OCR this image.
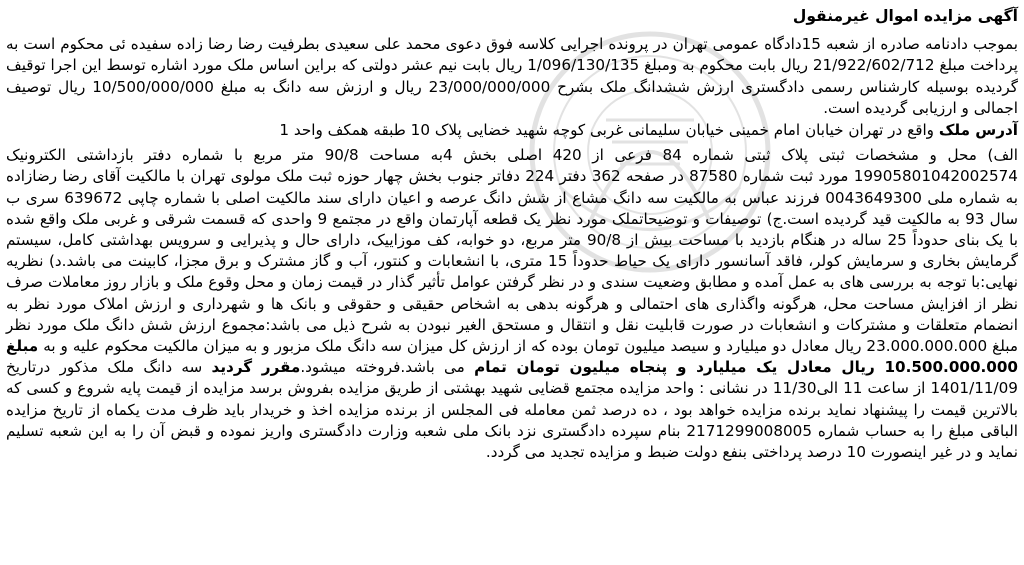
آگهی مزایده اموال غیرمنقول

بموجب دادنامه صادره از شعبه 15دادگاه عمومی تهران در پرونده اجرایی کلاسه فوق دعوی محمد علی سعیدی بطرفیت رضا رضا زاده سفیده ئی محکوم است به پرداخت مبلغ 21/922/602/712 ریال بابت محکوم به ومبلغ 1/096/130/135 ریال بابت نیم عشر دولتی که براین اساس ملک مورد اشاره توسط این اجرا توقیف گردیده بوسیله کارشناس رسمی دادگستری ارزش ششدانگ ملک بشرح 23/000/000/000 ریال و ارزش سه دانگ به مبلغ 10/500/000/000 ریال توصیف اجمالی و ارزیابی گردیده است.

آدرس ملک واقع در تهران خیابان امام خمینی خیابان سلیمانی غربی کوچه شهید خضایی پلاک 10 طبقه همکف واحد 1

الف) محل و مشخصات ثبتی پلاک ثبتی شماره 84 فرعی از 420 اصلی بخش 4به مساحت 90/8 متر مربع با شماره دفتر بازداشتی الکترونیک 19905801042002574 مورد ثبت شماره 87580 در صفحه 362 دفتر 224 دفاتر جنوب بخش چهار حوزه ثبت ملک مولوی تهران با مالکیت آقای رضا رضازاده به شماره ملی 0043649300 فرزند عباس به مالکیت سه دانگ مشاع از شش دانگ عرصه و اعیان دارای سند مالکیت اصلی با شماره چاپی 639672 سری ب سال 93 به مالکیت قید گردیده است.ج) توصیفات و توضیحاتملک مورد نظر یک قطعه آپارتمان واقع در مجتمع 9 واحدی که قسمت شرقی و غربی ملک واقع شده با یک بنای حدوداً 25 ساله در هنگام بازدید با مساحت بیش از 90/8 متر مربع، دو خوابه، کف موزاییک، دارای حال و پذیرایی و سرویس بهداشتی کامل، سیستم گرمایش بخاری و سرمایش کولر، فاقد آسانسور دارای یک حیاط حدوداً 15 متری، با انشعابات و کنتور، آب و گاز مشترک و برق مجزا، کابینت می باشد.د) نظریه نهایی:با توجه به بررسی های به عمل آمده و مطابق وضعیت سندی و در نظر گرفتن عوامل تأثیر گذار در قیمت زمان و محل وقوع ملک و بازار روز معاملات صرف نظر از افزایش مساحت محل، هرگونه واگذاری های احتمالی و هرگونه بدهی به اشخاص حقیقی و حقوقی و بانک ها و شهرداری و ارزش املاک مورد نظر به انضمام متعلقات و مشترکات و انشعابات در صورت قابلیت نقل و انتقال و مستحق الغیر نبودن به شرح ذیل می باشد:مجموع ارزش شش دانگ ملک مورد نظر مبلغ 23.000.000.000 ریال معادل دو میلیارد و سیصد میلیون تومان بوده که از ارزش کل میزان سه دانگ ملک مزبور و به میزان مالکیت محکوم علیه و به مبلغ 10.500.000.000 ریال معادل یک میلیارد و پنجاه میلیون تومان تمام می باشد.فروخته میشود.مقرر گردید سه دانگ ملک مذکور درتاریخ 1401/11/09 از ساعت 11 الی11/30 در نشانی : واحد مزایده مجتمع قضایی شهید بهشتی از طریق مزایده بفروش برسد مزایده از قیمت پایه شروع و کسی که بالاترین قیمت را پیشنهاد نماید برنده مزایده خواهد بود ، ده درصد ثمن معامله فی المجلس از برنده مزایده اخذ و خریدار باید ظرف مدت یکماه از تاریخ مزایده الباقی مبلغ را به حساب شماره 2171299008005 بنام سپرده دادگستری نزد بانک ملی شعبه وزارت دادگستری واریز نموده و قبض آن را به این شعبه تسلیم نماید و در غیر اینصورت 10 درصد پرداختی بنفع دولت ضبط و مزایده تجدید می گردد.
